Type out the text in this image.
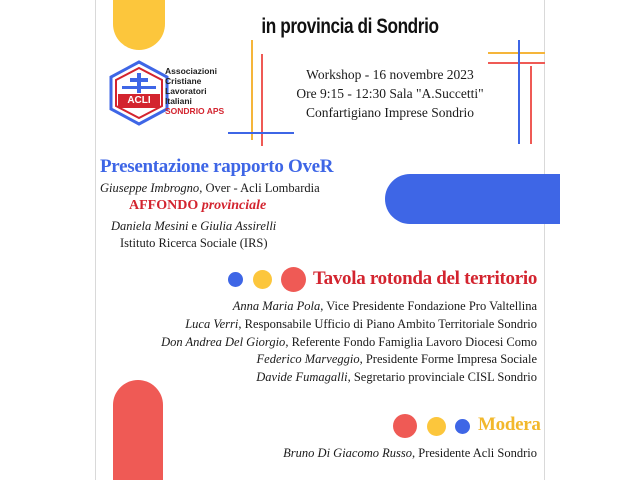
in provincia di Sondrio
ACLI
Associazioni
Cristiane
Lavoratori
Italiani
SONDRIO APS
Workshop - 16 novembre 2023
Ore 9:15 - 12:30 Sala "A.Succetti"
Confartigiano Imprese Sondrio
Presentazione rapporto OveR
Giuseppe Imbrogno, Over - Acli Lombardia
AFFONDO provinciale
Daniela Mesini e Giulia Assirelli
Istituto Ricerca Sociale (IRS)
Tavola rotonda del territorio
Anna Maria Pola, Vice Presidente Fondazione Pro Valtellina
Luca Verri, Responsabile Ufficio di Piano Ambito Territoriale Sondrio
Don Andrea Del Giorgio, Referente Fondo Famiglia Lavoro Diocesi Como
Federico Marveggio, Presidente Forme Impresa Sociale
Davide Fumagalli, Segretario provinciale CISL Sondrio
Modera
Bruno Di Giacomo Russo, Presidente Acli Sondrio
